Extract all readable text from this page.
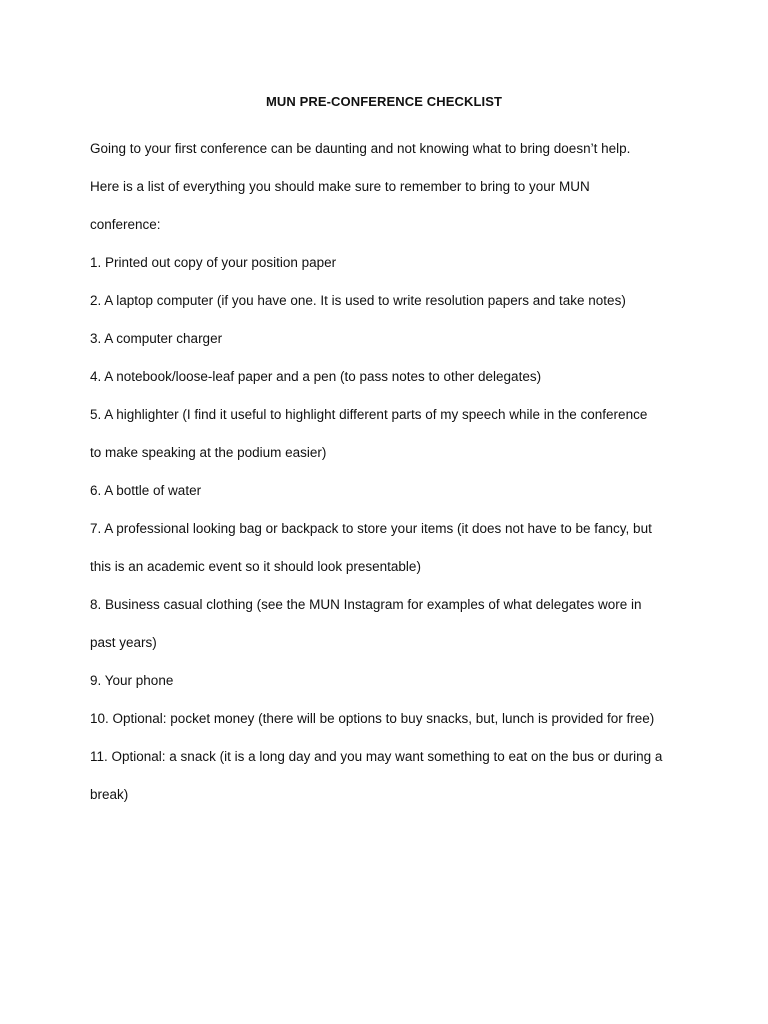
MUN PRE-CONFERENCE CHECKLIST
Going to your first conference can be daunting and not knowing what to bring doesn’t help.
Here is a list of everything you should make sure to remember to bring to your MUN
conference:
1. Printed out copy of your position paper
2. A laptop computer (if you have one. It is used to write resolution papers and take notes)
3. A computer charger
4. A notebook/loose-leaf paper and a pen (to pass notes to other delegates)
5. A highlighter (I find it useful to highlight different parts of my speech while in the conference
to make speaking at the podium easier)
6. A bottle of water
7. A professional looking bag or backpack to store your items (it does not have to be fancy, but
this is an academic event so it should look presentable)
8. Business casual clothing (see the MUN Instagram for examples of what delegates wore in
past years)
9. Your phone
10. Optional: pocket money (there will be options to buy snacks, but, lunch is provided for free)
11. Optional: a snack (it is a long day and you may want something to eat on the bus or during a
break)
